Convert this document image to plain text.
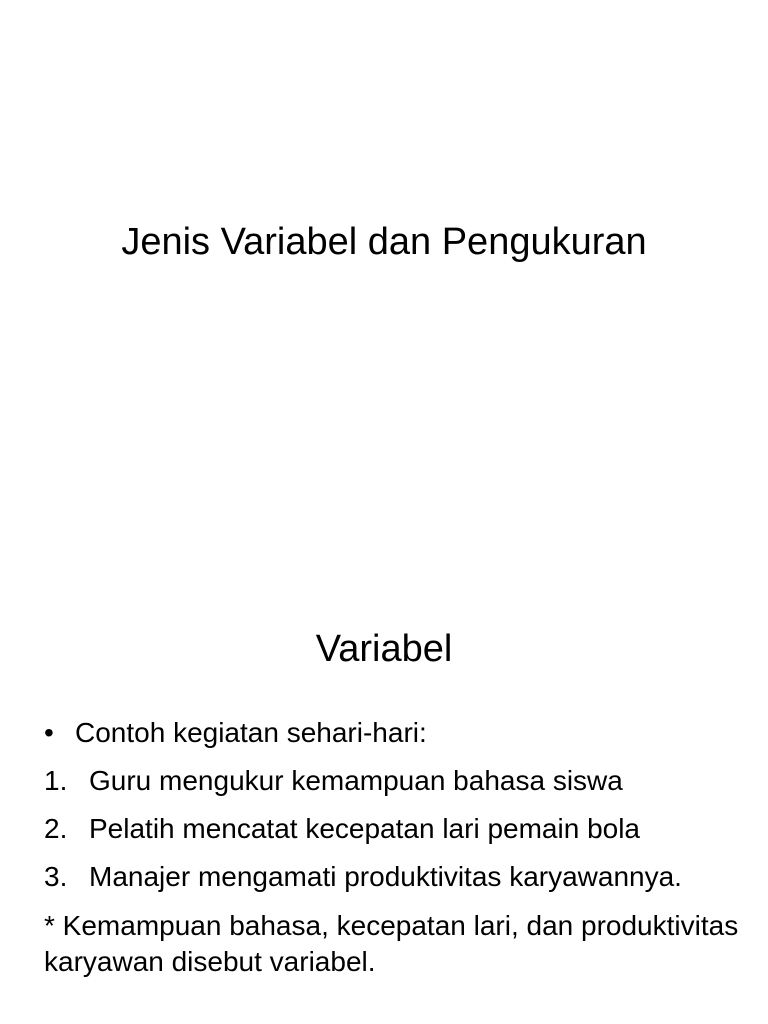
Jenis Variabel dan Pengukuran
Variabel
• Contoh kegiatan sehari-hari:
1. Guru mengukur kemampuan bahasa siswa
2. Pelatih mencatat kecepatan lari pemain bola
3. Manajer mengamati produktivitas karyawannya.
* Kemampuan bahasa, kecepatan lari, dan produktivitas karyawan disebut variabel.
